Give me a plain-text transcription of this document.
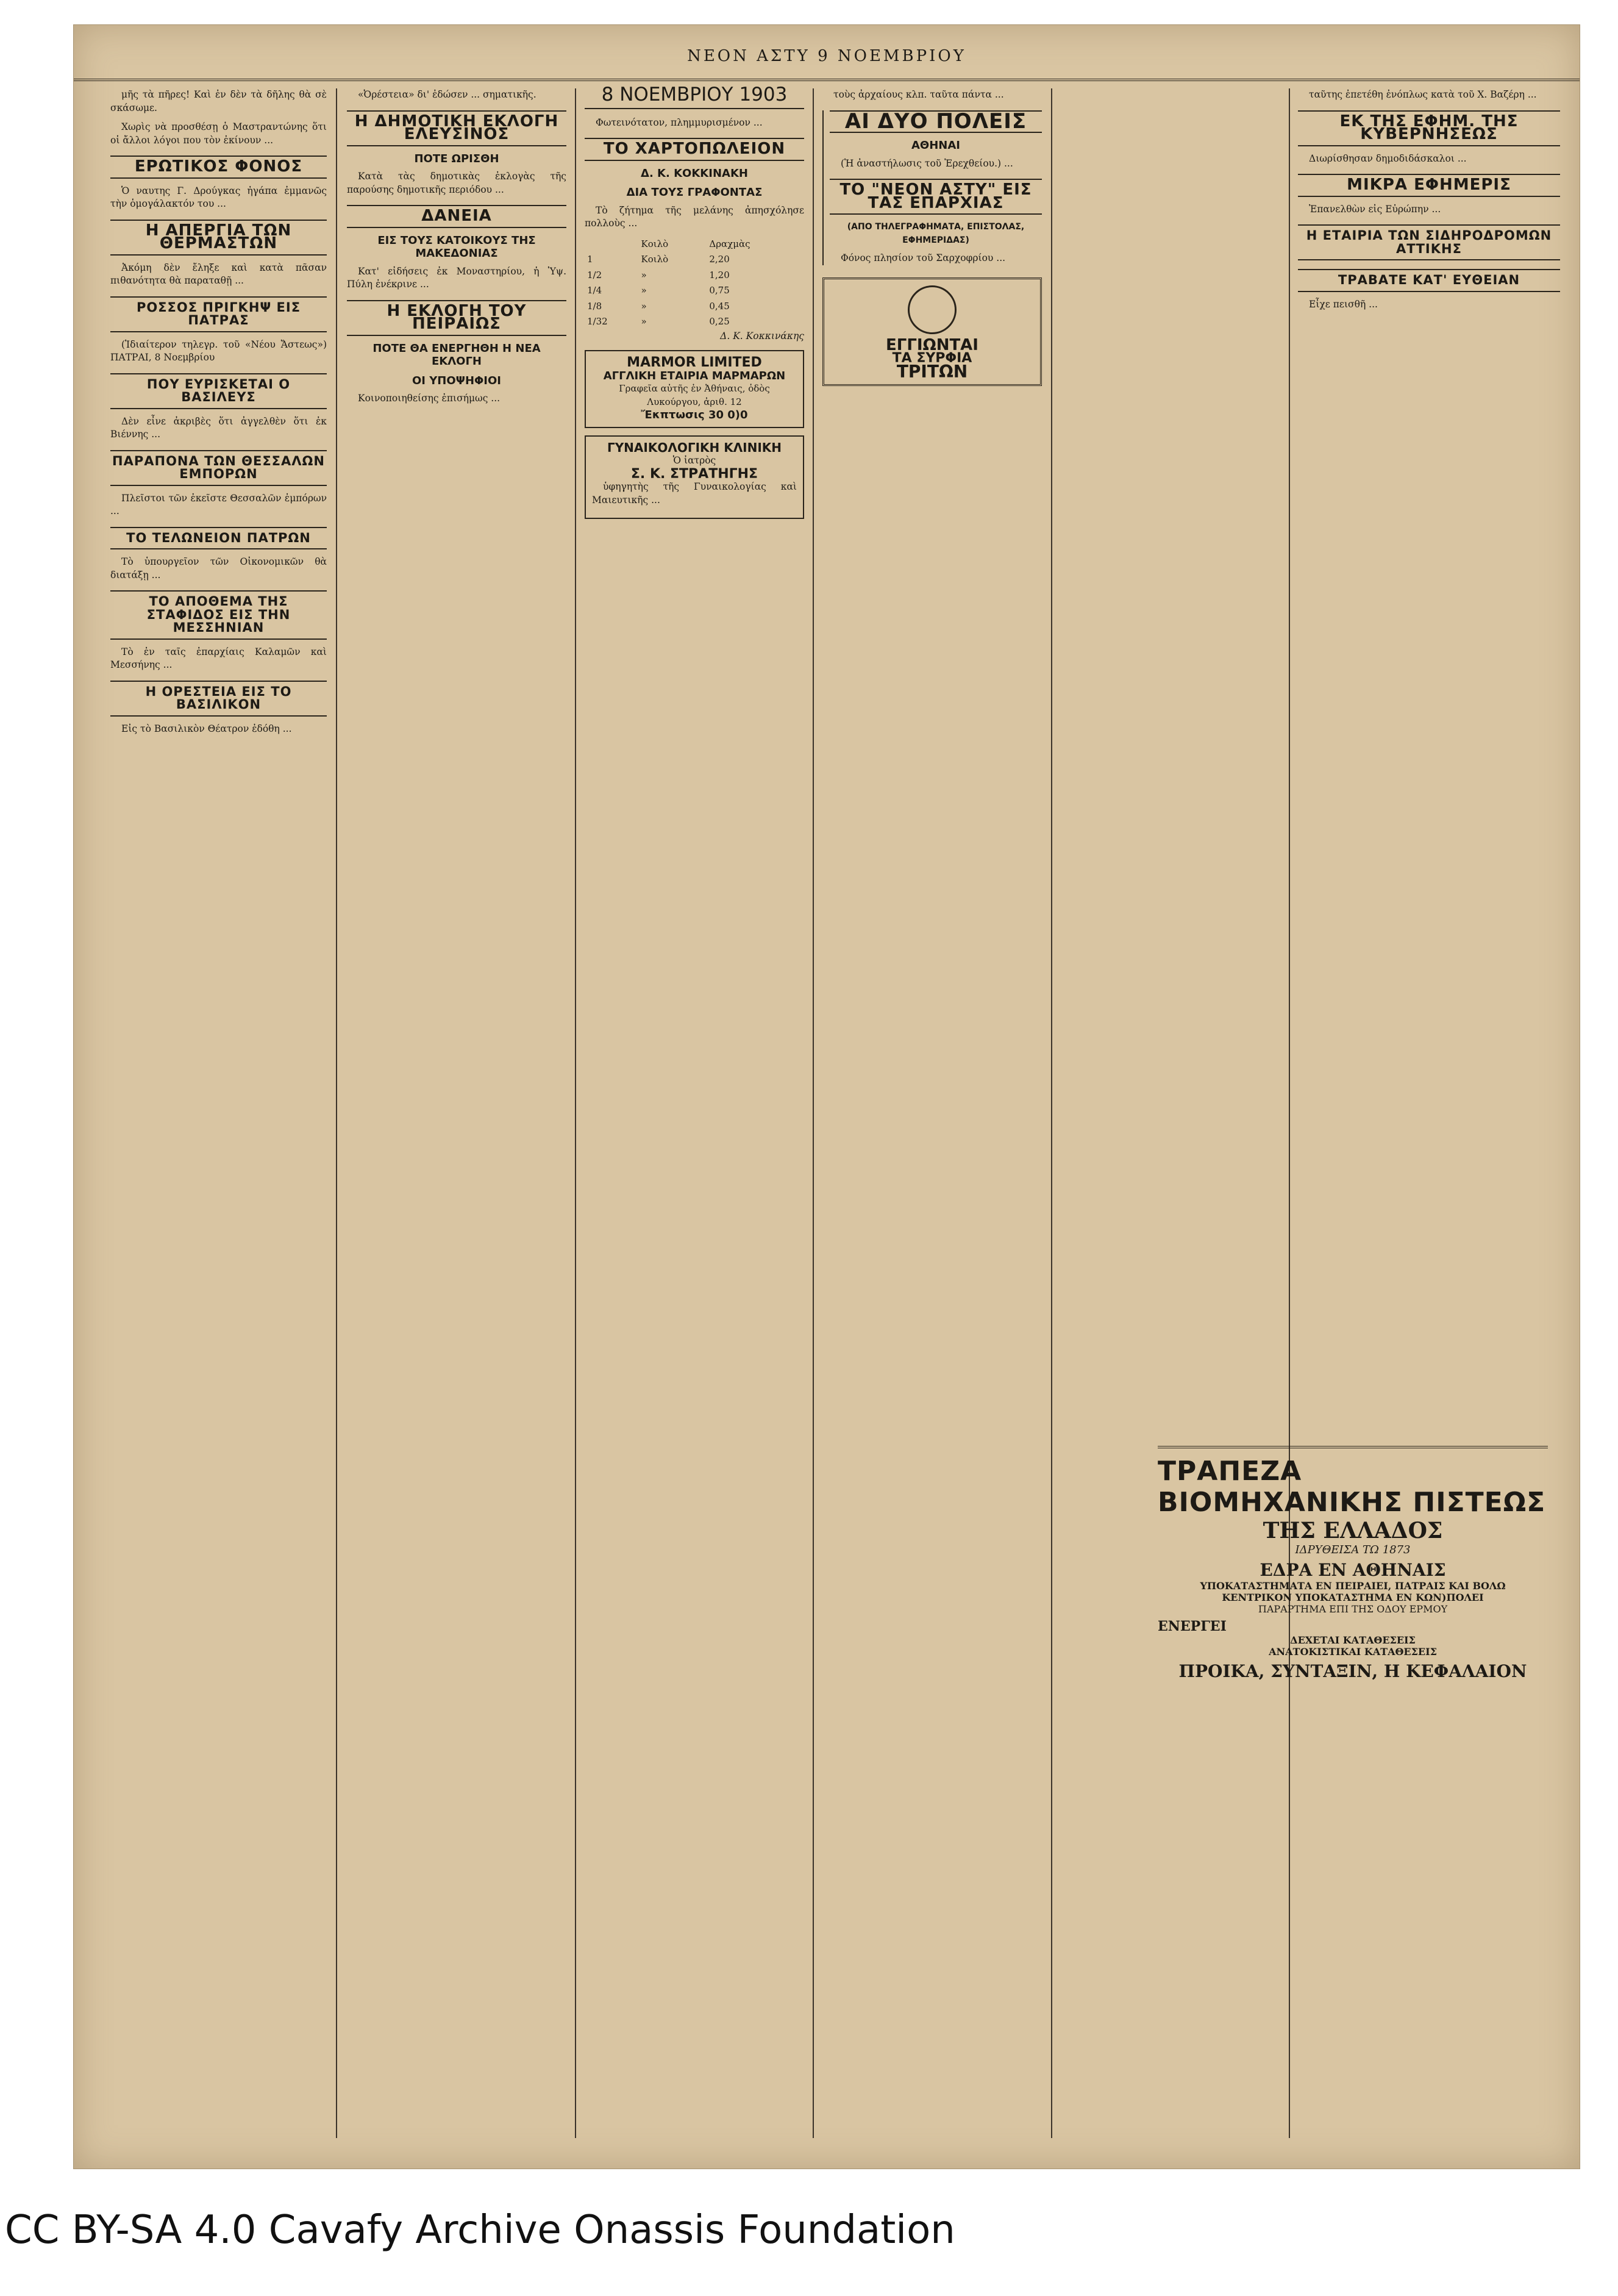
ΝΕΟΝ ΑΣΤΥ 9 ΝΟΕΜΒΡΙΟΥ

μῆς τὰ πῆρες! Καὶ ἐν δὲν τὰ δῆλης θὰ σὲ σκάσωμε.

Χωρὶς νὰ προσθέσῃ ὁ Μαστραντώνης ὅτι οἱ ἄλλοι λόγοι που τὸν ἐκίνουν ...

ΕΡΩΤΙΚΟΣ ΦΟΝΟΣ

Ὁ ναυτης Γ. Δρούγκας ἠγάπα ἐμμανῶς τὴν ὁμογάλακτόν του ...

Η ΑΠΕΡΓΙΑ ΤΩΝ ΘΕΡΜΑΣΤΩΝ

Ἀκόμη δὲν ἔληξε καὶ κατὰ πᾶσαν πιθανότητα θὰ παραταθῇ ...

ΡΟΣΣΟΣ ΠΡΙΓΚΗΨ ΕΙΣ ΠΑΤΡΑΣ

(Ἰδιαίτερον τηλεγρ. τοῦ «Νέου Ἄστεως») ΠΑΤΡΑΙ, 8 Νοεμβρίου

ΠΟΥ ΕΥΡΙΣΚΕΤΑΙ Ο ΒΑΣΙΛΕΥΣ

Δὲν εἶνε ἀκριβὲς ὅτι ἀγγελθὲν ὅτι ἐκ Βιέννης ...

ΠΑΡΑΠΟΝΑ ΤΩΝ ΘΕΣΣΑΛΩΝ ΕΜΠΟΡΩΝ

Πλεῖστοι τῶν ἐκεῖστε Θεσσαλῶν ἐμπόρων ...

ΤΟ ΤΕΛΩΝΕΙΟΝ ΠΑΤΡΩΝ

Τὸ ὑπουργεῖον τῶν Οἰκονομικῶν θὰ διατάξῃ ...

ΤΟ ΑΠΟΘΕΜΑ ΤΗΣ ΣΤΑΦΙΔΟΣ ΕΙΣ ΤΗΝ ΜΕΣΣΗΝΙΑΝ

Τὸ ἐν ταῖς ἐπαρχίαις Καλαμῶν καὶ Μεσσήνης ...

Η ΟΡΕΣΤΕΙΑ ΕΙΣ ΤΟ ΒΑΣΙΛΙΚΟΝ

Εἰς τὸ Βασιλικὸν Θέατρον ἐδόθη ...

«Ὀρέστεια» δι' ἐδώσεν ... σηματικῆς.

Η ΔΗΜΟΤΙΚΗ ΕΚΛΟΓΗ ΕΛΕΥΣΙΝΟΣ
ΠΟΤΕ ΩΡΙΣΘΗ

Κατὰ τὰς δημοτικὰς ἐκλογὰς τῆς παρούσης δημοτικῆς περιόδου ...

ΔΑΝΕΙΑ
ΕΙΣ ΤΟΥΣ ΚΑΤΟΙΚΟΥΣ ΤΗΣ ΜΑΚΕΔΟΝΙΑΣ

Κατ' εἰδήσεις ἐκ Μοναστηρίου, ἡ Ὑψ. Πύλη ἐνέκρινε ...

Η ΕΚΛΟΓΗ ΤΟΥ ΠΕΙΡΑΙΩΣ
ΠΟΤΕ ΘΑ ΕΝΕΡΓΗΘΗ Η ΝΕΑ ΕΚΛΟΓΗ
ΟΙ ΥΠΟΨΗΦΙΟΙ

Κοινοποιηθείσης ἐπισήμως ...

8 ΝΟΕΜΒΡΙΟΥ 1903

Φωτεινότατον, πλημμυρισμένον ...

ΤΟ ΧΑΡΤΟΠΩΛΕΙΟΝ
Δ. Κ. ΚΟΚΚΙΝΑΚΗ
ΔΙΑ ΤΟΥΣ ΓΡΑΦΟΝΤΑΣ

Τὸ ζήτημα τῆς μελάνης ἀπησχόλησε πολλοὺς ...

	Κοιλὸ	Δραχμὰς
1	Κοιλὸ	2,20
1/2	»	1,20
1/4	»	0,75
1/8	»	0,45
1/32	»	0,25

Δ. Κ. Κοκκινάκης

MARMOR LIMITED
ΑΓΓΛΙΚΗ ΕΤΑΙΡΙΑ ΜΑΡΜΑΡΩΝ
Γραφεῖα αὐτῆς ἐν Ἀθήναις, ὁδὸς Λυκούργου, ἀριθ. 12
Ἔκπτωσις 30 0)0
ΓΥΝΑΙΚΟΛΟΓΙΚΗ ΚΛΙΝΙΚΗ
Ὁ ἰατρὸς
Σ. Κ. ΣΤΡΑΤΗΓΗΣ

ὑφηγητὴς τῆς Γυναικολογίας καὶ Μαιευτικῆς ...

τοὺς ἀρχαίους κλπ. ταῦτα πάντα ...

ΑΙ ΔΥΟ ΠΟΛΕΙΣ
ΑΘΗΝΑΙ

(Ἡ ἀναστήλωσις τοῦ Ἐρεχθείου.) ...

ΤΟ "ΝΕΟΝ ΑΣΤΥ" ΕΙΣ ΤΑΣ ΕΠΑΡΧΙΑΣ
(ΑΠΟ ΤΗΛΕΓΡΑΦΗΜΑΤΑ, ΕΠΙΣΤΟΛΑΣ, ΕΦΗΜΕΡΙΔΑΣ)

Φόνος πλησίον τοῦ Σαρχοφρίου ...

ΕΓΓΙΩΝΤΑΙ
ΤΑ ΣΥΡΦΙΑ
ΤΡΙΤΩΝ

ταῦτης ἐπετέθη ἐνόπλως κατὰ τοῦ Χ. Βαζέρη ...

ΕΚ ΤΗΣ ΕΦΗΜ. ΤΗΣ ΚΥΒΕΡΝΗΣΕΩΣ

Διωρίσθησαν δημοδιδάσκαλοι ...

ΜΙΚΡΑ ΕΦΗΜΕΡΙΣ

Ἐπανελθὼν εἰς Εὐρώπην ...

Η ΕΤΑΙΡΙΑ ΤΩΝ ΣΙΔΗΡΟΔΡΟΜΩΝ ΑΤΤΙΚΗΣ
ΤΡΑΒΑΤΕ ΚΑΤ' ΕΥΘΕΙΑΝ

Εἶχε πεισθῆ ...

ΤΡΑΠΕΖΑ ΒΙΟΜΗΧΑΝΙΚΗΣ ΠΙΣΤΕΩΣ
ΤΗΣ ΕΛΛΑΔΟΣ
ΙΔΡΥΘΕΙΣΑ ΤΩ 1873
ΕΔΡΑ ΕΝ ΑΘΗΝΑΙΣ
ΥΠΟΚΑΤΑΣΤΗΜΑΤΑ ΕΝ ΠΕΙΡΑΙΕΙ, ΠΑΤΡΑΙΣ ΚΑΙ ΒΟΛΩ
ΚΕΝΤΡΙΚΟΝ ΥΠΟΚΑΤΑΣΤΗΜΑ ΕΝ ΚΩΝ)ΠΟΛΕΙ
ΠΑΡΑΡΤΗΜΑ ΕΠΙ ΤΗΣ ΟΔΟΥ ΕΡΜΟΥ
ΕΝΕΡΓΕΙ
ΔΕΧΕΤΑΙ ΚΑΤΑΘΕΣΕΙΣ
ΑΝΑΤΟΚΙΣΤΙΚΑΙ ΚΑΤΑΘΕΣΕΙΣ
ΠΡΟΙΚΑ, ΣΥΝΤΑΞΙΝ, Η ΚΕΦΑΛΑΙΟΝ
CC BY-SA 4.0 Cavafy Archive Onassis Foundation
